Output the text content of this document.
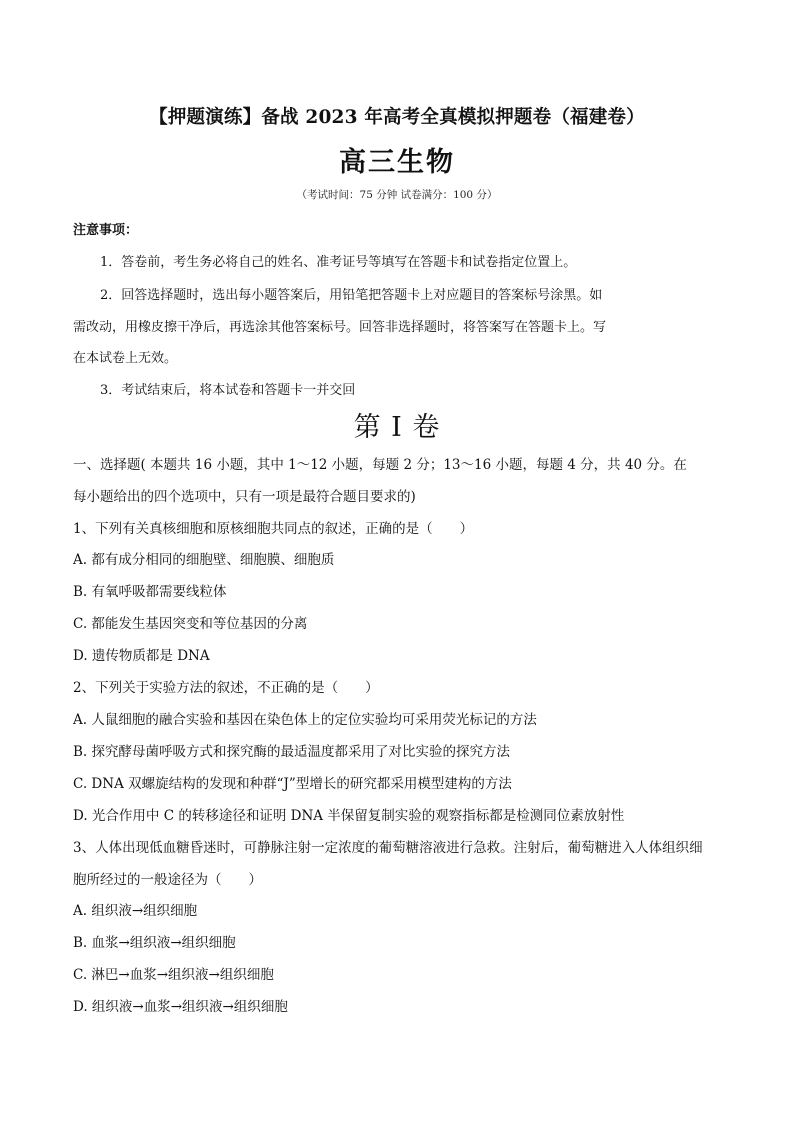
【押题演练】备战 2023 年高考全真模拟押题卷（福建卷）
高三生物
（考试时间：75 分钟 试卷满分：100 分）
注意事项：
1．答卷前，考生务必将自己的姓名、准考证号等填写在答题卡和试卷指定位置上。
2．回答选择题时，选出每小题答案后，用铅笔把答题卡上对应题目的答案标号涂黑。如
需改动，用橡皮擦干净后，再选涂其他答案标号。回答非选择题时，将答案写在答题卡上。写
在本试卷上无效。
3．考试结束后，将本试卷和答题卡一并交回
第 I 卷
一、选择题( 本题共 16 小题，其中 1～12 小题，每题 2 分；13～16 小题，每题 4 分，共 40 分。在
每小题给出的四个选项中，只有一项是最符合题目要求的)
1、下列有关真核细胞和原核细胞共同点的叙述，正确的是（　　）
A. 都有成分相同的细胞壁、细胞膜、细胞质
B. 有氧呼吸都需要线粒体
C. 都能发生基因突变和等位基因的分离
D. 遗传物质都是 DNA
2、下列关于实验方法的叙述，不正确的是（　　）
A. 人鼠细胞的融合实验和基因在染色体上的定位实验均可采用荧光标记的方法
B. 探究酵母菌呼吸方式和探究酶的最适温度都采用了对比实验的探究方法
C. DNA 双螺旋结构的发现和种群“J”型增长的研究都采用模型建构的方法
D. 光合作用中 C 的转移途径和证明 DNA 半保留复制实验的观察指标都是检测同位素放射性
3、人体出现低血糖昏迷时，可静脉注射一定浓度的葡萄糖溶液进行急救。注射后，葡萄糖进入人体组织细
胞所经过的一般途径为（　　）
A. 组织液→组织细胞
B. 血浆→组织液→组织细胞
C. 淋巴→血浆→组织液→组织细胞
D. 组织液→血浆→组织液→组织细胞
